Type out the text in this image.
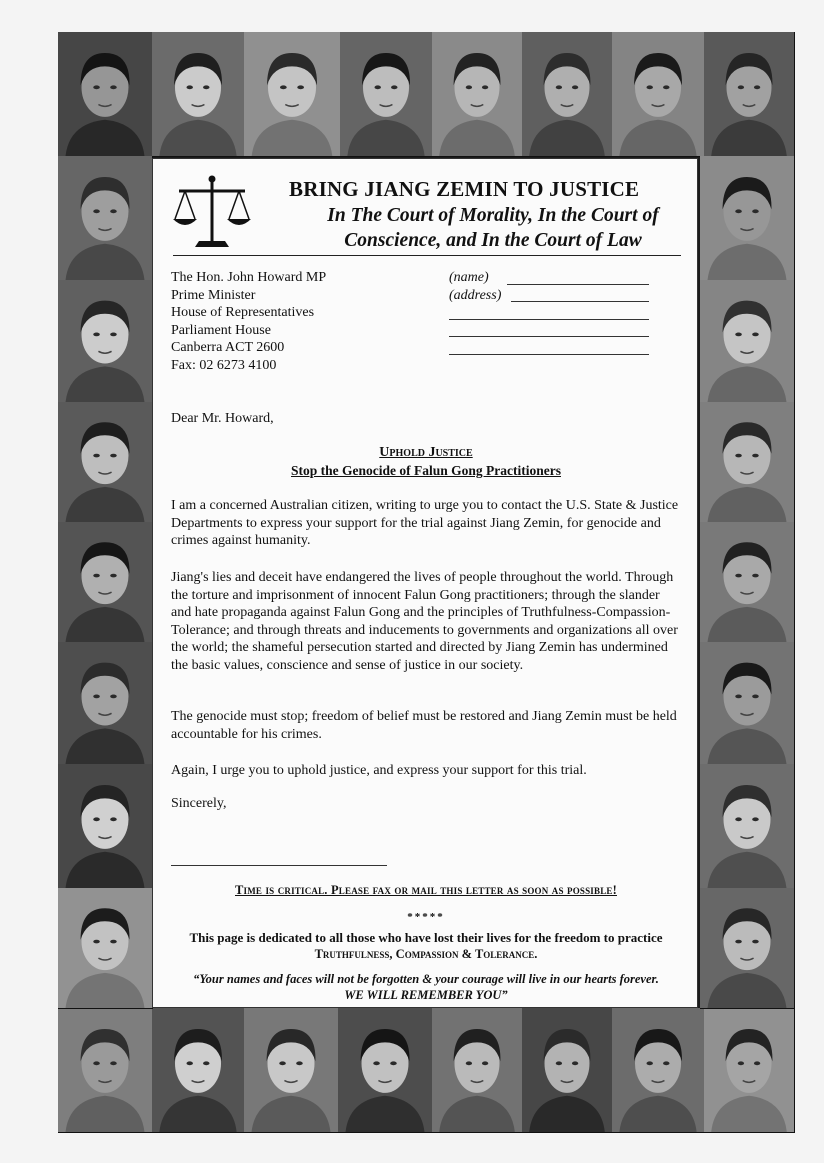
BRING JIANG ZEMIN TO JUSTICE
In The Court of Morality, In the Court of
Conscience, and In the Court of Law
The Hon. John Howard MP
Prime Minister
House of Representatives
Parliament House
Canberra ACT 2600
Fax: 02 6273 4100
(name)
(address)
Dear Mr. Howard,
Uphold Justice
Stop the Genocide of Falun Gong Practitioners
I am a concerned Australian citizen, writing to urge you to contact the U.S. State & Justice Departments to express your support for the trial against Jiang Zemin, for genocide and crimes against humanity.
Jiang's lies and deceit have endangered the lives of people throughout the world. Through the torture and imprisonment of innocent Falun Gong practitioners; through the slander and hate propaganda against Falun Gong and the principles of Truthfulness-Compassion-Tolerance; and through threats and inducements to governments and organizations all over the world; the shameful persecution started and directed by Jiang Zemin has undermined the basic values, conscience and sense of justice in our society.
The genocide must stop; freedom of belief must be restored and Jiang Zemin must be held accountable for his crimes.
Again, I urge you to uphold justice, and express your support for this trial.
Sincerely,
Time is critical. Please fax or mail this letter as soon as possible!
*****
This page is dedicated to all those who have lost their lives for the freedom to practice
Truthfulness, Compassion & Tolerance.
“Your names and faces will not be forgotten & your courage will live in our hearts forever.
WE WILL REMEMBER YOU”
